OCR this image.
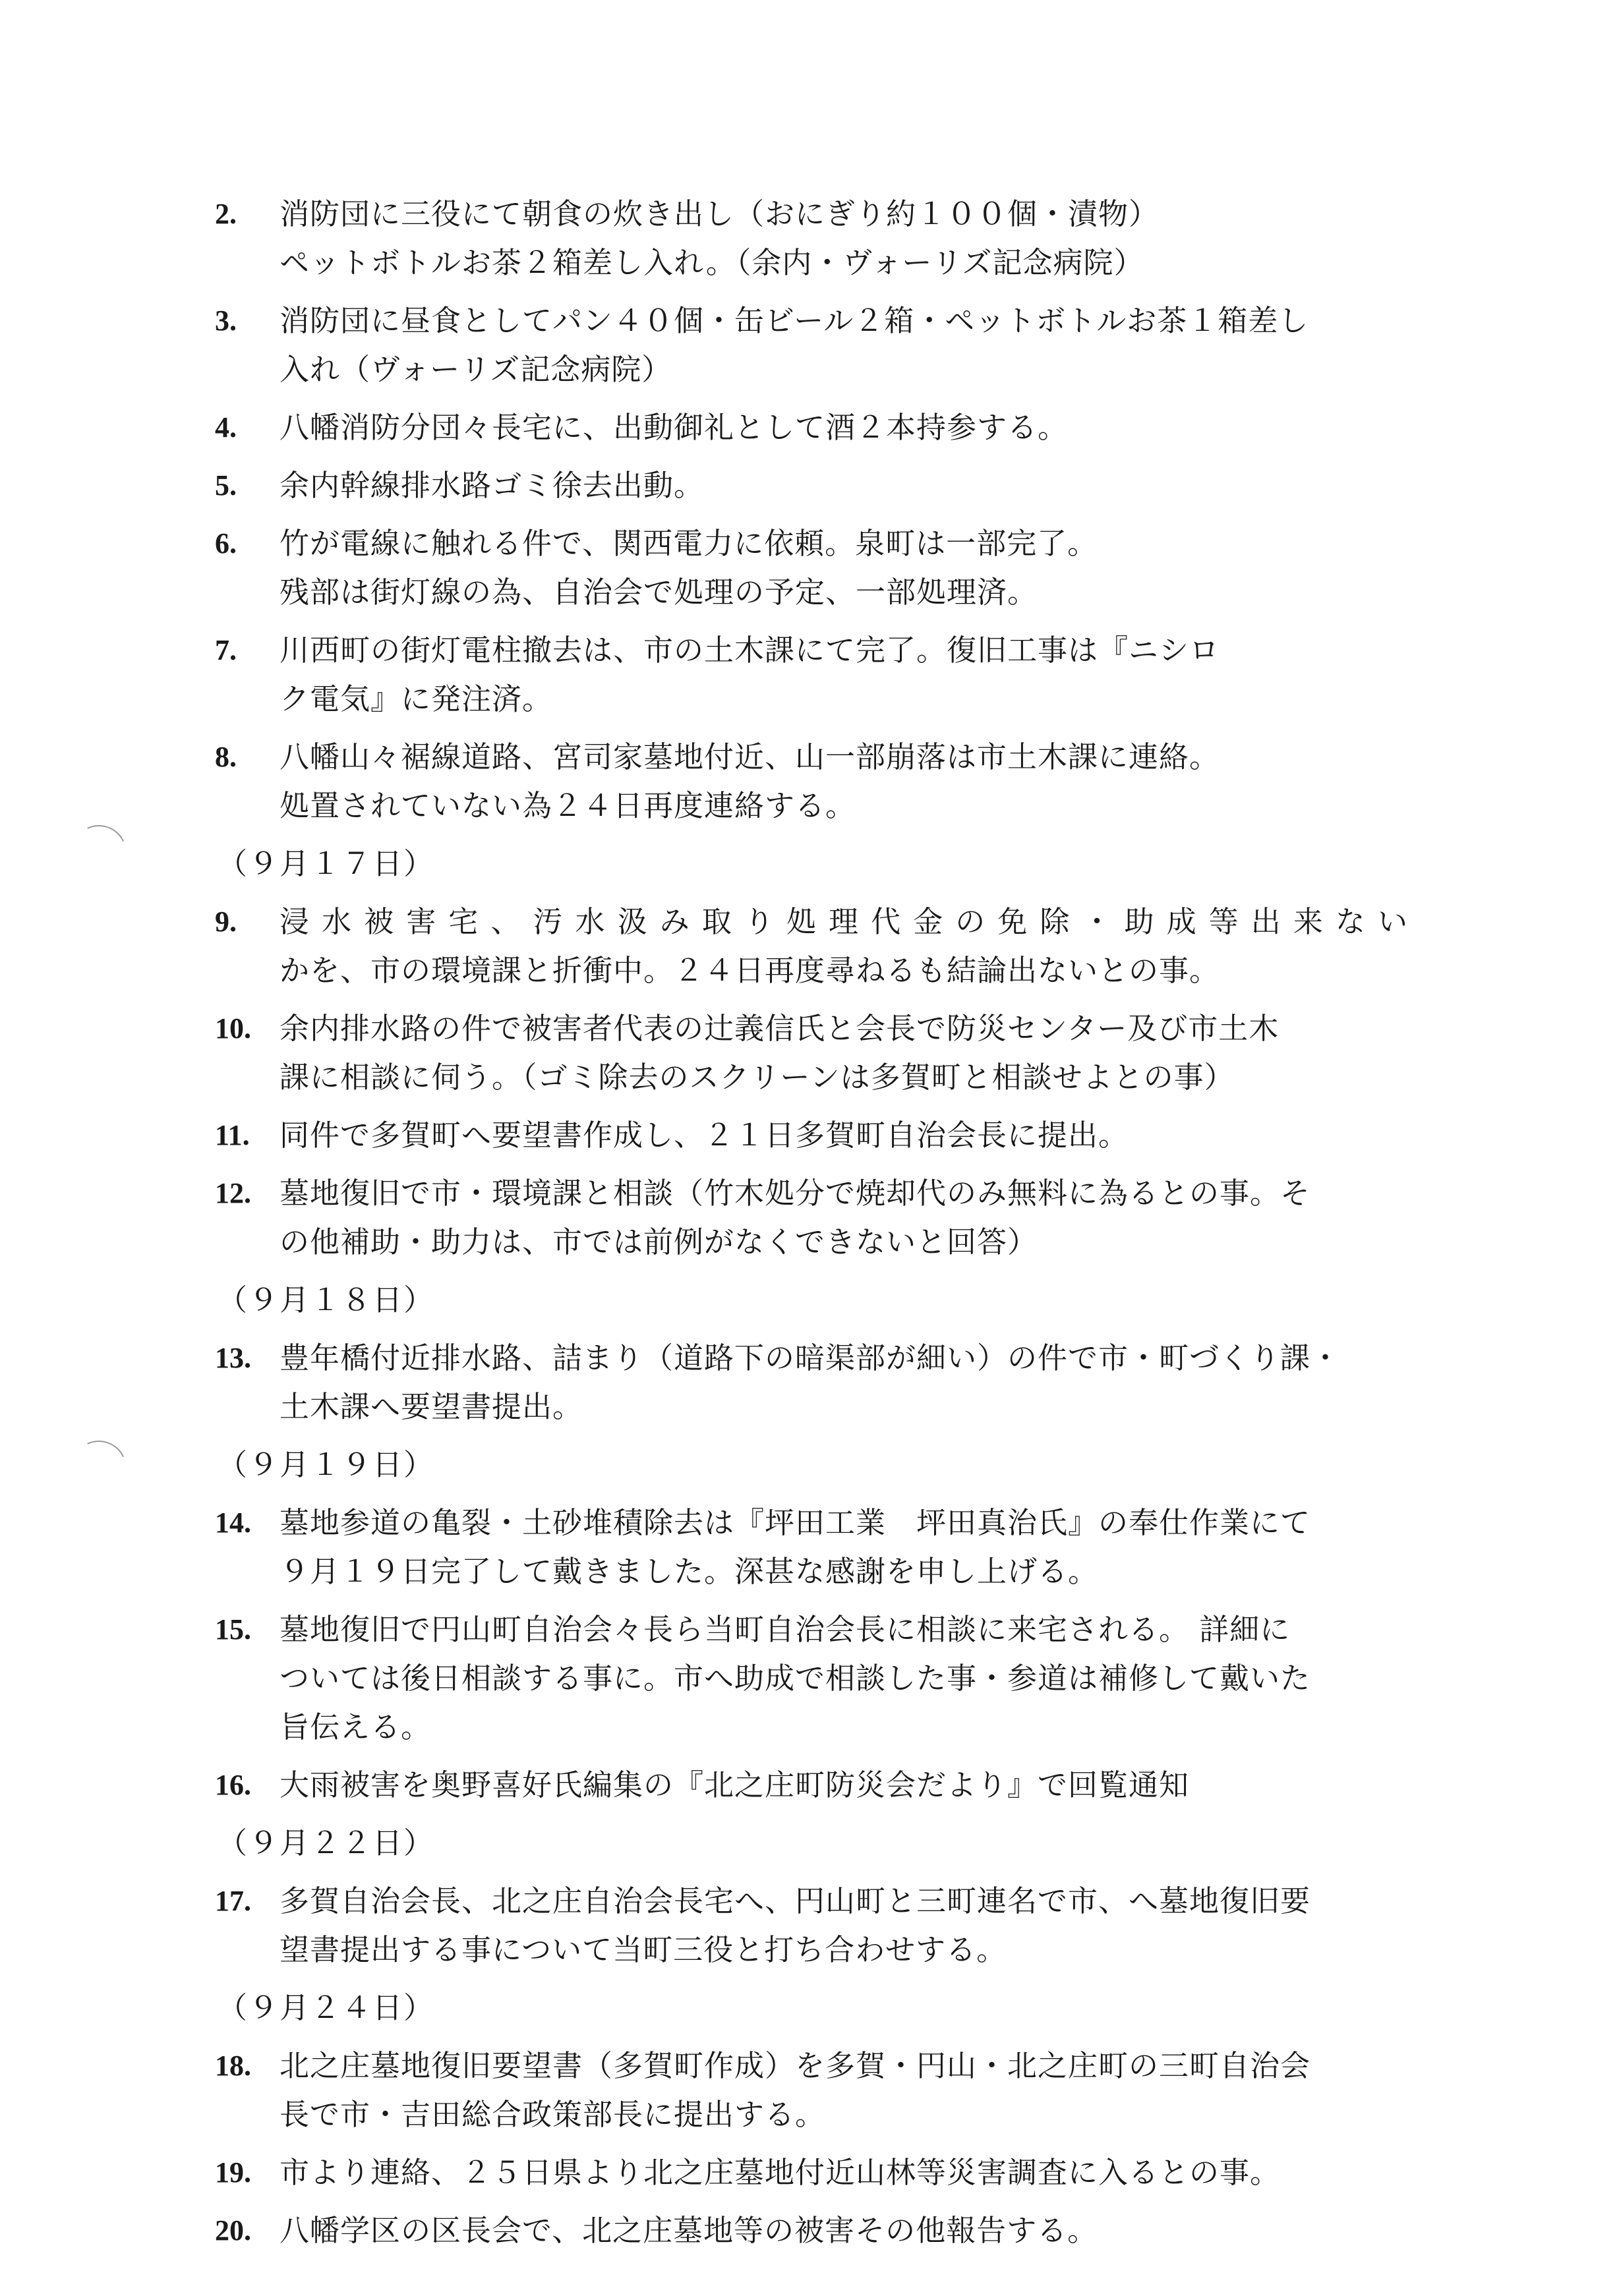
2. 消防団に三役にて朝食の炊き出し（おにぎり約１００個・漬物）
ペットボトルお茶２箱差し入れ。（余内・ヴォーリズ記念病院）
3. 消防団に昼食としてパン４０個・缶ビール２箱・ペットボトルお茶１箱差し
入れ（ヴォーリズ記念病院）
4. 八幡消防分団々長宅に、出動御礼として酒２本持参する。
5. 余内幹線排水路ゴミ徐去出動。
6. 竹が電線に触れる件で、関西電力に依頼。泉町は一部完了。
残部は街灯線の為、自治会で処理の予定、一部処理済。
7. 川西町の街灯電柱撤去は、市の土木課にて完了。復旧工事は『ニシロ
ク電気』に発注済。
8. 八幡山々裾線道路、宮司家墓地付近、山一部崩落は市土木課に連絡。
処置されていない為２４日再度連絡する。
（９月１７日）
9. 浸水被害宅、汚水汲み取り処理代金の免除・助成等出来ない
かを、市の環境課と折衝中。２４日再度尋ねるも結論出ないとの事。
10. 余内排水路の件で被害者代表の辻義信氏と会長で防災センター及び市土木
課に相談に伺う。（ゴミ除去のスクリーンは多賀町と相談せよとの事）
11. 同件で多賀町へ要望書作成し、２１日多賀町自治会長に提出。
12. 墓地復旧で市・環境課と相談（竹木処分で焼却代のみ無料に為るとの事。そ
の他補助・助力は、市では前例がなくできないと回答）
（９月１８日）
13. 豊年橋付近排水路、詰まり（道路下の暗渠部が細い）の件で市・町づくり課・
土木課へ要望書提出。
（９月１９日）
14. 墓地参道の亀裂・土砂堆積除去は『坪田工業　坪田真治氏』の奉仕作業にて
９月１９日完了して戴きました。深甚な感謝を申し上げる。
15. 墓地復旧で円山町自治会々長ら当町自治会長に相談に来宅される。 詳細に
ついては後日相談する事に。市へ助成で相談した事・参道は補修して戴いた
旨伝える。
16. 大雨被害を奥野喜好氏編集の『北之庄町防災会だより』で回覧通知
（９月２２日）
17. 多賀自治会長、北之庄自治会長宅へ、円山町と三町連名で市、へ墓地復旧要
望書提出する事について当町三役と打ち合わせする。
（９月２４日）
18. 北之庄墓地復旧要望書（多賀町作成）を多賀・円山・北之庄町の三町自治会
長で市・吉田総合政策部長に提出する。
19. 市より連絡、２５日県より北之庄墓地付近山林等災害調査に入るとの事。
20. 八幡学区の区長会で、北之庄墓地等の被害その他報告する。
